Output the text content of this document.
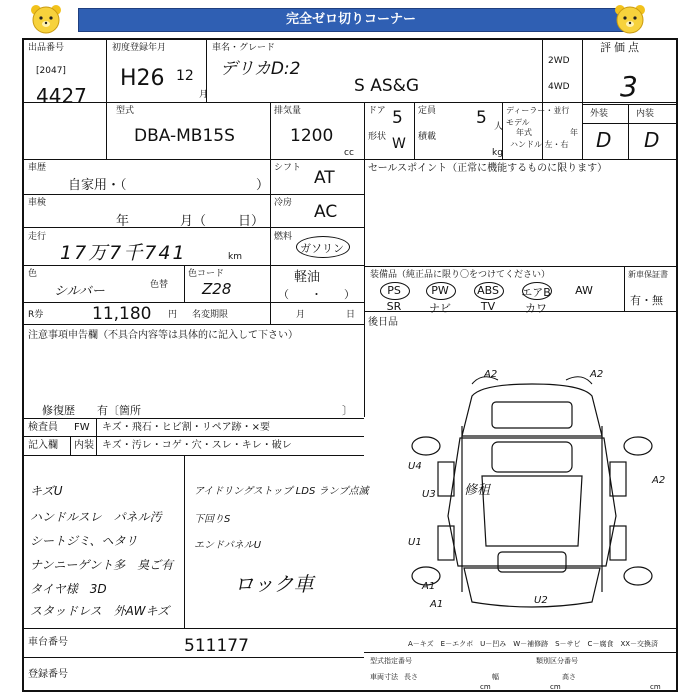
完全ゼロ切りコーナー
出品番号
[2047]
4427
初度登録年月
H26 12
月
車名・グレード
デリカD:2
S AS&G
2WD
4WD
評価点
3
外装	内装
D D
型式
DBA-MB15S
排気量
1200
cc
ドア 5 定員 5 人
形状 W 積載
kg
ディーラー・並行
モデル
年式	年
ハンドル 左・右
車歴
自家用・（	）
シフト AT
車検
年	月（ 日）
冷房 AC
走行
17万7千741	km
燃料
ガソリン
軽油
（　　・　　）
色
シルバー	色替
色コード
Z28
R券	11,180 円 名変期限	月	日
セールスポイント（正常に機能するものに限ります）
装備品（純正品に限り〇をつけてください）	新車保証書
有・無
後日品
注意事項申告欄（不具合内容等は具体的に記入して下さい）
修復歴　　有〔箇所	〕
検査員 FW キズ・飛石・ヒビ割・リペア跡・×要
記入欄 内装 キズ・汚レ・コゲ・穴・スレ・キレ・破レ
ロック車
A2	A2
A2
U4
U3
U1
A1
A1	U2
修租
A－キズ　E－エクボ　U－凹み　W－補修跡　S－サビ　C－腐食　XX－交換済
車台番号	511177
登録番号
型式指定番号	類別区分番号
車両寸法 長さ	幅	高さ
cm	cm	cm
PS	PW	ABS	エアB	AW
SR	ナビ	TV	カワ
キズU
ハンドルスレ　パネル汚
シートジミ、ヘタリ
ナンニーゲント多　臭ご有
タイヤ様　3D
スタッドレス　外AWキズ
アイドリングストップ LDS ランプ点滅
下回りS
エンドパネルU
